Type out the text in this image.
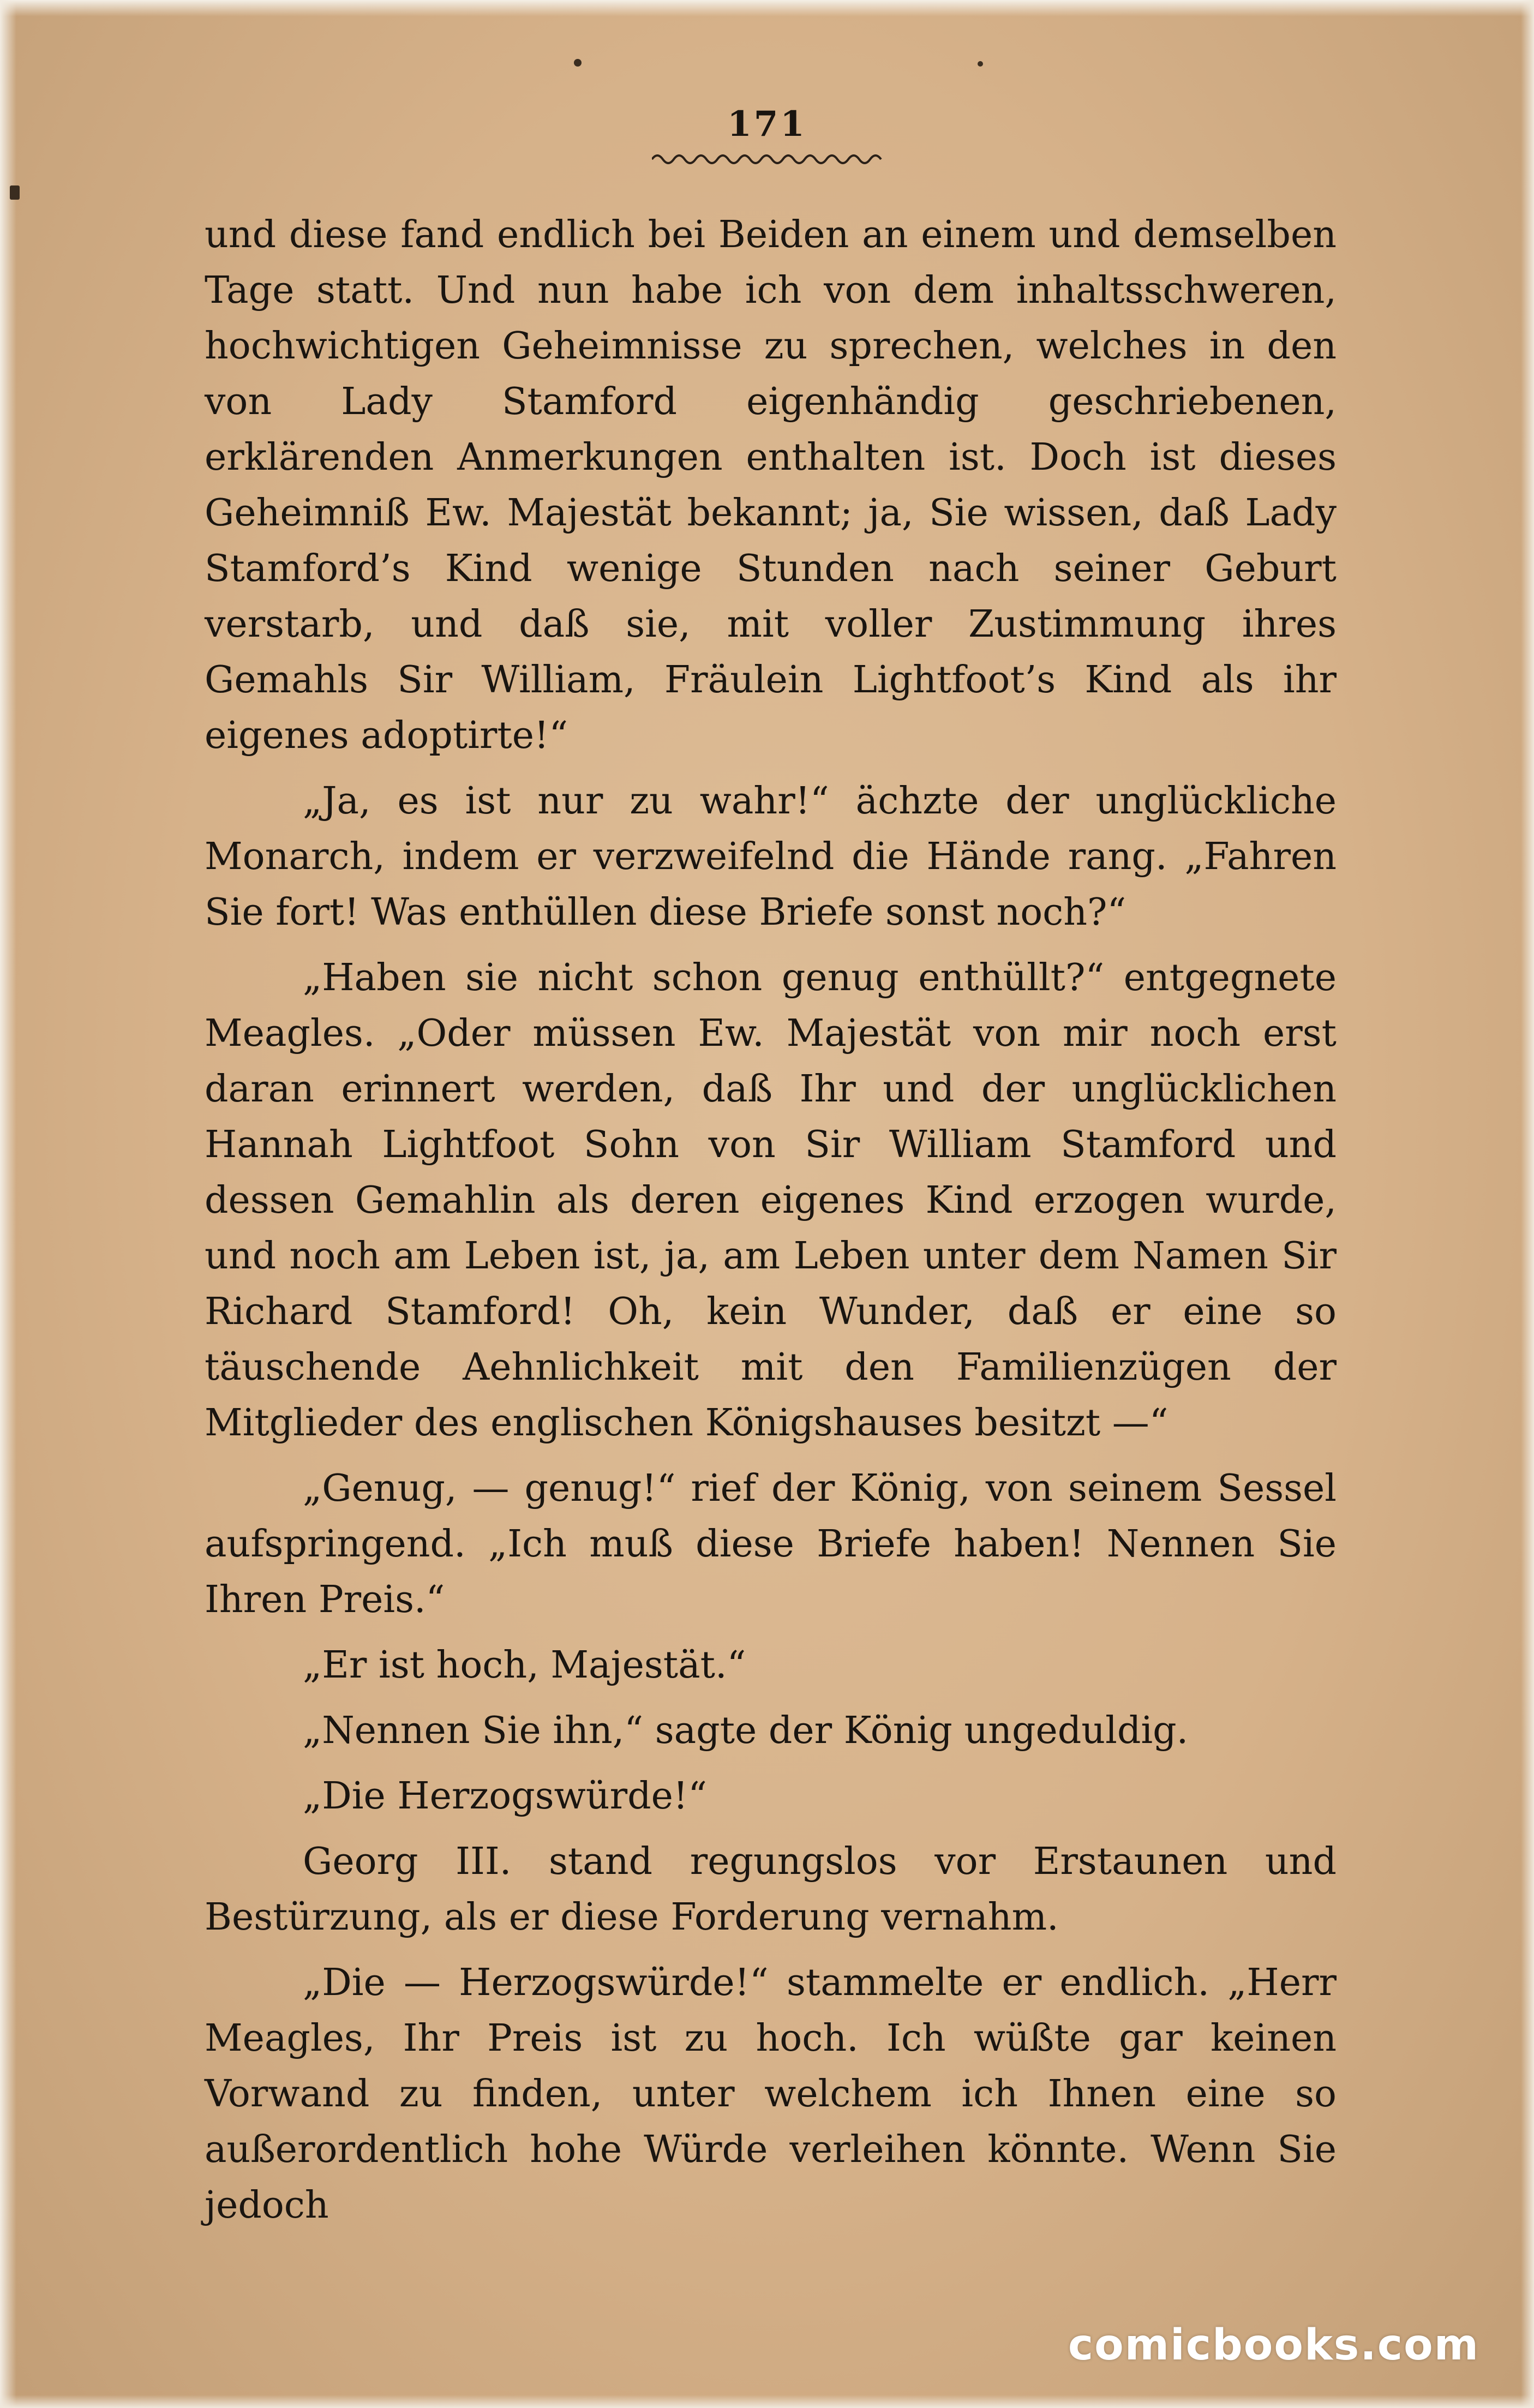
171

und diese fand endlich bei Beiden an einem und demselben Tage statt. Und nun habe ich von dem inhaltsschweren, hochwichtigen Geheimnisse zu sprechen, welches in den von Lady Stamford eigenhändig geschriebenen, erklärenden Anmerkungen enthalten ist. Doch ist dieses Geheimniß Ew. Majestät bekannt; ja, Sie wissen, daß Lady Stamford’s Kind wenige Stunden nach seiner Geburt verstarb, und daß sie, mit voller Zustimmung ihres Gemahls Sir William, Fräulein Lightfoot’s Kind als ihr eigenes adoptirte!“

„Ja, es ist nur zu wahr!“ ächzte der unglückliche Monarch, indem er verzweifelnd die Hände rang. „Fahren Sie fort! Was enthüllen diese Briefe sonst noch?“

„Haben sie nicht schon genug enthüllt?“ entgegnete Meagles. „Oder müssen Ew. Majestät von mir noch erst daran erinnert werden, daß Ihr und der unglücklichen Hannah Lightfoot Sohn von Sir William Stamford und dessen Gemahlin als deren eigenes Kind erzogen wurde, und noch am Leben ist, ja, am Leben unter dem Namen Sir Richard Stamford! Oh, kein Wunder, daß er eine so täuschende Aehnlichkeit mit den Familienzügen der Mitglieder des englischen Königshauses besitzt —“

„Genug, — genug!“ rief der König, von seinem Sessel aufspringend. „Ich muß diese Briefe haben! Nennen Sie Ihren Preis.“

„Er ist hoch, Majestät.“

„Nennen Sie ihn,“ sagte der König ungeduldig.

„Die Herzogswürde!“

Georg III. stand regungslos vor Erstaunen und Bestürzung, als er diese Forderung vernahm.

„Die — Herzogswürde!“ stammelte er endlich. „Herr Meagles, Ihr Preis ist zu hoch. Ich wüßte gar keinen Vorwand zu finden, unter welchem ich Ihnen eine so außerordentlich hohe Würde verleihen könnte. Wenn Sie jedoch

comicbooks.com
